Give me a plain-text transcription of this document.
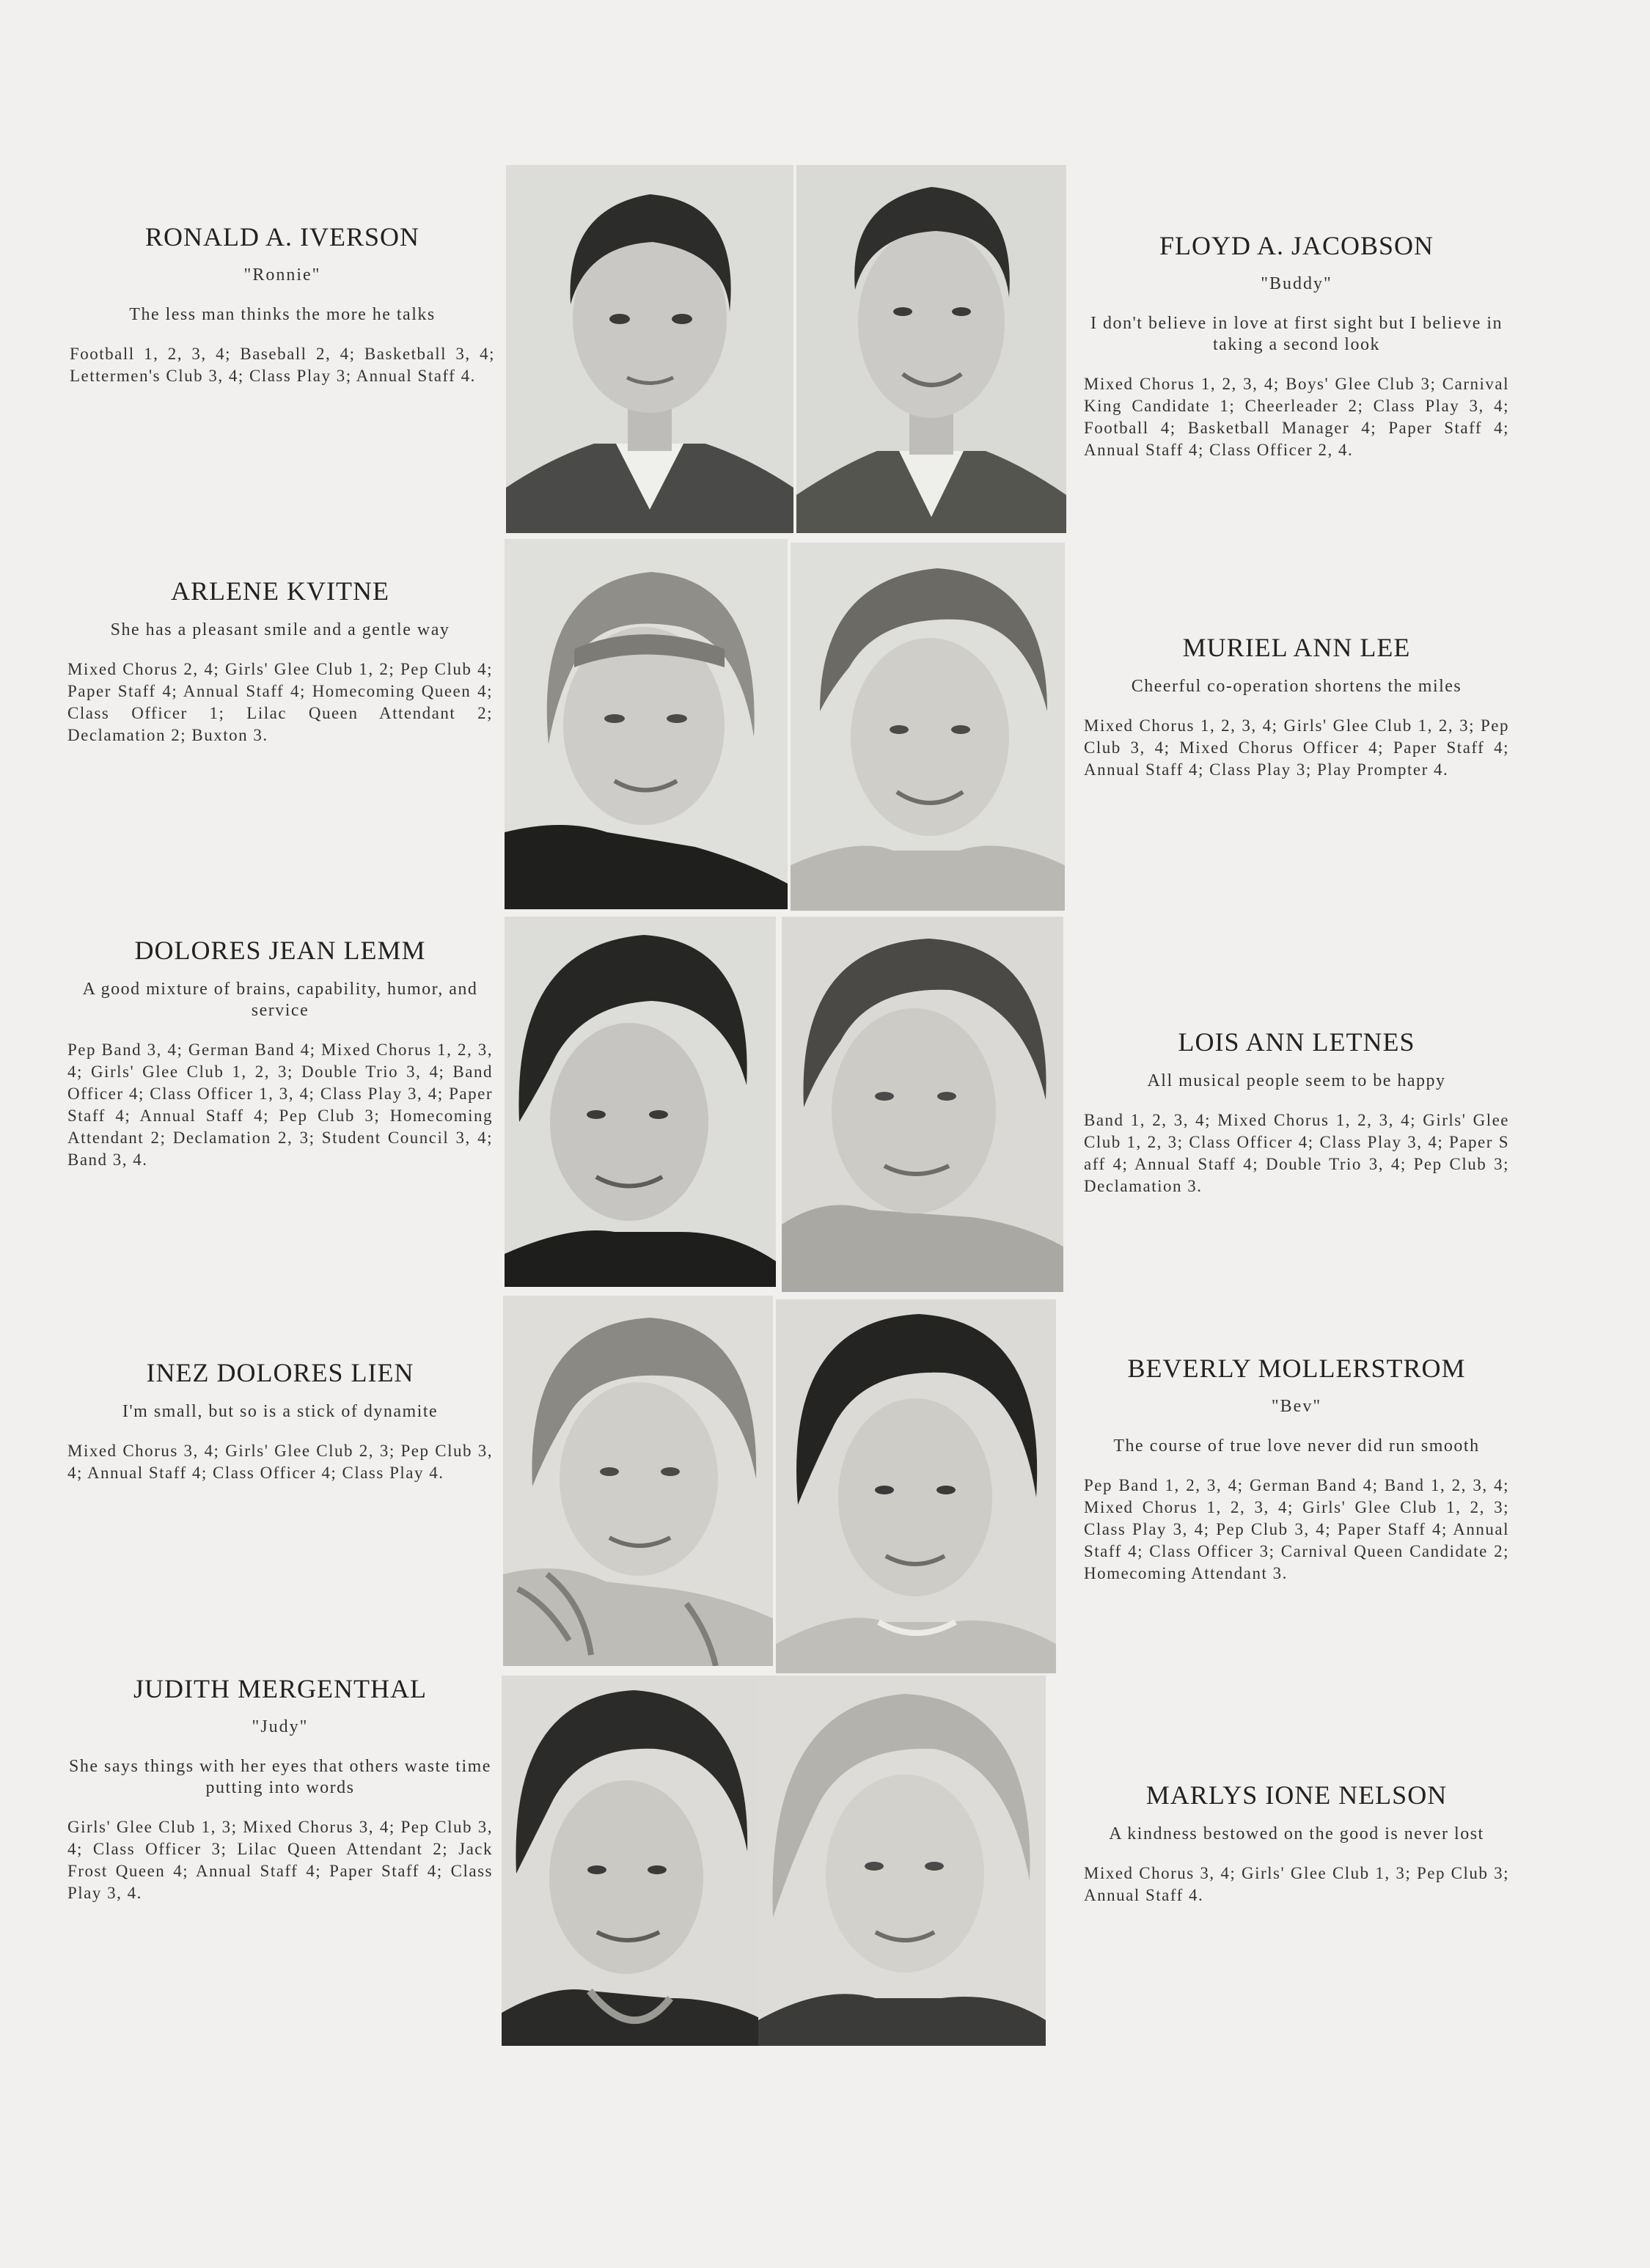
RONALD A. IVERSON
"Ronnie"
The less man thinks the more he talks
Football 1, 2, 3, 4; Baseball 2, 4; Basketball 3, 4; Lettermen's Club 3, 4; Class Play 3; Annual Staff 4.
FLOYD A. JACOBSON
"Buddy"
I don't believe in love at first sight but I believe in taking a second look
Mixed Chorus 1, 2, 3, 4; Boys' Glee Club 3; Carnival King Candidate 1; Cheerleader 2; Class Play 3, 4; Football 4; Basketball Manager 4; Paper Staff 4; Annual Staff 4; Class Officer 2, 4.
ARLENE KVITNE
She has a pleasant smile and a gentle way
Mixed Chorus 2, 4; Girls' Glee Club 1, 2; Pep Club 4; Paper Staff 4; Annual Staff 4; Homecoming Queen 4; Class Officer 1; Lilac Queen Attendant 2; Declamation 2; Buxton 3.
MURIEL ANN LEE
Cheerful co-operation shortens the miles
Mixed Chorus 1, 2, 3, 4; Girls' Glee Club 1, 2, 3; Pep Club 3, 4; Mixed Chorus Officer 4; Paper Staff 4; Annual Staff 4; Class Play 3; Play Prompter 4.
DOLORES JEAN LEMM
A good mixture of brains, capability, humor, and service
Pep Band 3, 4; German Band 4; Mixed Chorus 1, 2, 3, 4; Girls' Glee Club 1, 2, 3; Double Trio 3, 4; Band Officer 4; Class Officer 1, 3, 4; Class Play 3, 4; Paper Staff 4; Annual Staff 4; Pep Club 3; Homecoming Attendant 2; Declamation 2, 3; Student Council 3, 4; Band 3, 4.
LOIS ANN LETNES
All musical people seem to be happy
Band 1, 2, 3, 4; Mixed Chorus 1, 2, 3, 4; Girls' Glee Club 1, 2, 3; Class Officer 4; Class Play 3, 4; Paper S aff 4; Annual Staff 4; Double Trio 3, 4; Pep Club 3; Declamation 3.
INEZ DOLORES LIEN
I'm small, but so is a stick of dynamite
Mixed Chorus 3, 4; Girls' Glee Club 2, 3; Pep Club 3, 4; Annual Staff 4; Class Officer 4; Class Play 4.
BEVERLY MOLLERSTROM
"Bev"
The course of true love never did run smooth
Pep Band 1, 2, 3, 4; German Band 4; Band 1, 2, 3, 4; Mixed Chorus 1, 2, 3, 4; Girls' Glee Club 1, 2, 3; Class Play 3, 4; Pep Club 3, 4; Paper Staff 4; Annual Staff 4; Class Officer 3; Carnival Queen Candidate 2; Homecoming Attendant 3.
JUDITH MERGENTHAL
"Judy"
She says things with her eyes that others waste time putting into words
Girls' Glee Club 1, 3; Mixed Chorus 3, 4; Pep Club 3, 4; Class Officer 3; Lilac Queen Attendant 2; Jack Frost Queen 4; Annual Staff 4; Paper Staff 4; Class Play 3, 4.
MARLYS IONE NELSON
A kindness bestowed on the good is never lost
Mixed Chorus 3, 4; Girls' Glee Club 1, 3; Pep Club 3; Annual Staff 4.
